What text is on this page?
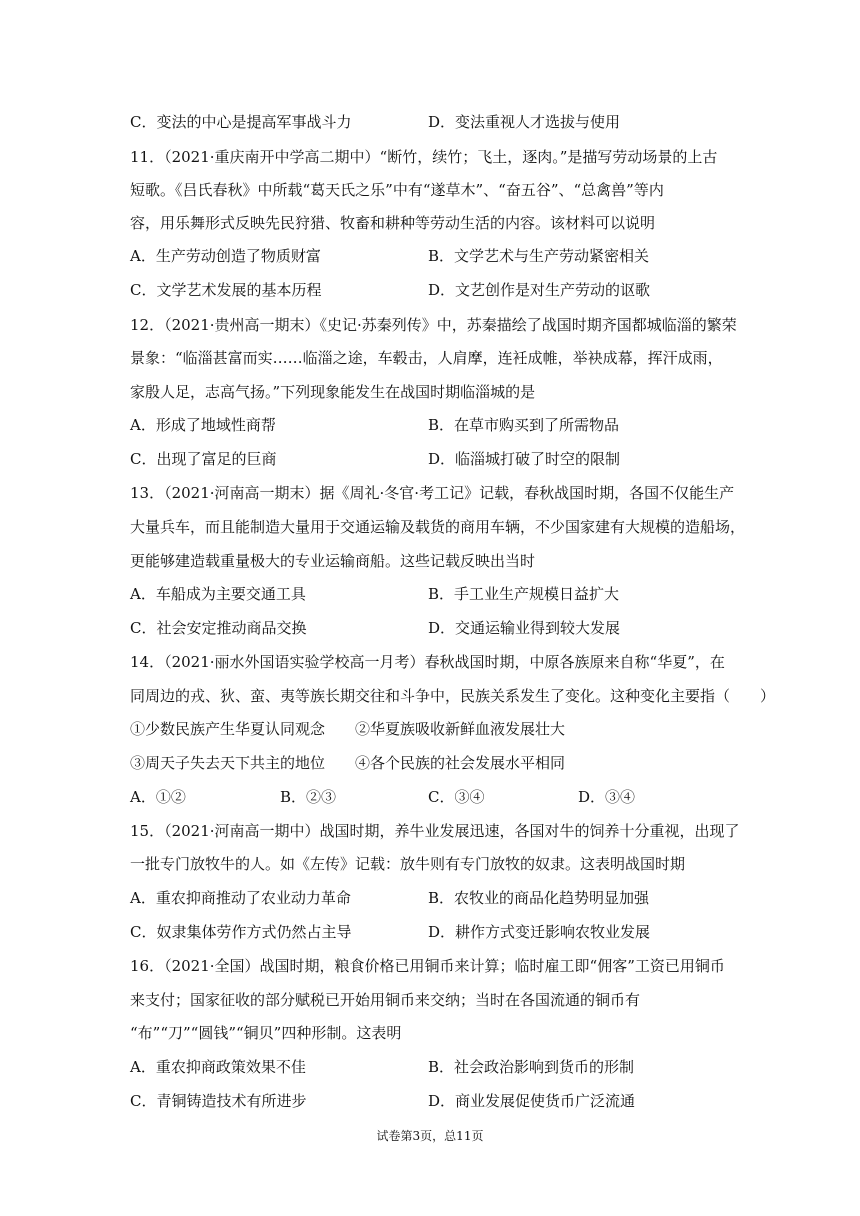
C．变法的中心是提高军事战斗力	D．变法重视人才选拔与使用
11．（2021·重庆南开中学高二期中）“断竹，续竹；飞土，逐肉。”是描写劳动场景的上古
短歌。《吕氏春秋》中所载“葛天氏之乐”中有“遂草木”、“奋五谷”、“总禽兽”等内
容，用乐舞形式反映先民狩猎、牧畜和耕种等劳动生活的内容。该材料可以说明
A．生产劳动创造了物质财富	B．文学艺术与生产劳动紧密相关
C．文学艺术发展的基本历程	D．文艺创作是对生产劳动的讴歌
12．（2021·贵州高一期末）《史记·苏秦列传》中，苏秦描绘了战国时期齐国都城临淄的繁荣
景象：“临淄甚富而实……临淄之途，车毂击，人肩摩，连衽成帷，举袂成幕，挥汗成雨，
家殷人足，志高气扬。”下列现象能发生在战国时期临淄城的是
A．形成了地域性商帮	B．在草市购买到了所需物品
C．出现了富足的巨商	D．临淄城打破了时空的限制
13．（2021·河南高一期末）据《周礼·冬官·考工记》记载，春秋战国时期，各国不仅能生产
大量兵车，而且能制造大量用于交通运输及载货的商用车辆，不少国家建有大规模的造船场，
更能够建造载重量极大的专业运输商船。这些记载反映出当时
A．车船成为主要交通工具	B．手工业生产规模日益扩大
C．社会安定推动商品交换	D．交通运输业得到较大发展
14．（2021·丽水外国语实验学校高一月考）春秋战国时期，中原各族原来自称“华夏”，在
同周边的戎、狄、蛮、夷等族长期交往和斗争中，民族关系发生了变化。这种变化主要指（　　）
①少数民族产生华夏认同观念　　②华夏族吸收新鲜血液发展壮大
③周天子失去天下共主的地位　　④各个民族的社会发展水平相同
A．①②	B．②③	C．③④	D．③④
15．（2021·河南高一期中）战国时期，养牛业发展迅速，各国对牛的饲养十分重视，出现了
一批专门放牧牛的人。如《左传》记载：放牛则有专门放牧的奴隶。这表明战国时期
A．重农抑商推动了农业动力革命	B．农牧业的商品化趋势明显加强
C．奴隶集体劳作方式仍然占主导	D．耕作方式变迁影响农牧业发展
16．（2021·全国）战国时期，粮食价格已用铜币来计算；临时雇工即“佣客”工资已用铜币
来支付；国家征收的部分赋税已开始用铜币来交纳；当时在各国流通的铜币有
“布”“刀”“圆钱”“铜贝”四种形制。这表明
A．重农抑商政策效果不佳	B．社会政治影响到货币的形制
C．青铜铸造技术有所进步	D．商业发展促使货币广泛流通
试卷第3页，总11页
